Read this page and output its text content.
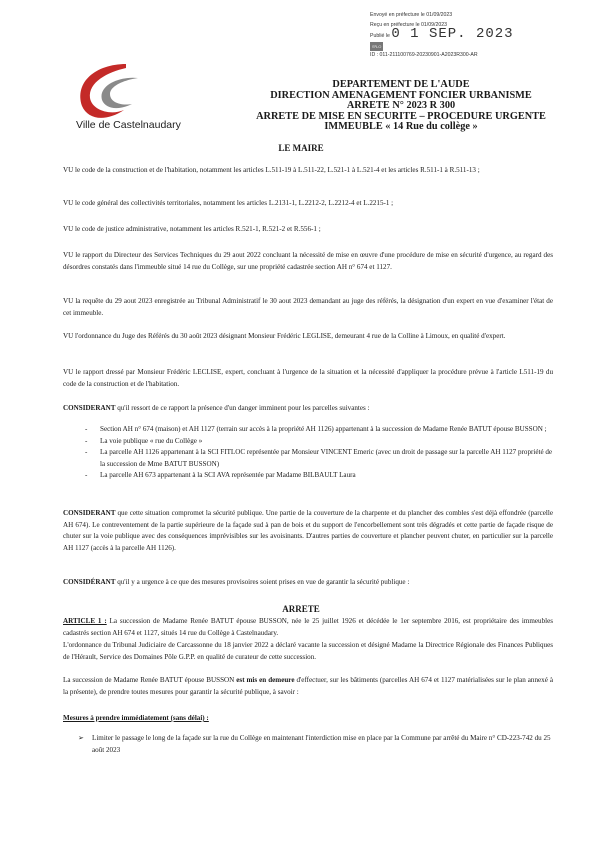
Envoyé en préfecture le 01/09/2023
Reçu en préfecture le 01/09/2023
Publié le 0 1 SEP. 2023 S²LO
ID : 011-211100769-20230901-A2023R300-AR
Ville de Castelnaudary
DEPARTEMENT DE L'AUDE
DIRECTION AMENAGEMENT FONCIER URBANISME
ARRETE N° 2023 R 300
ARRETE DE MISE EN SECURITE – PROCEDURE URGENTE
IMMEUBLE « 14 Rue du collège »
LE MAIRE
VU le code de la construction et de l'habitation, notamment les articles L.511-19 à L.511-22, L.521-1 à L.521-4 et les articles R.511-1 à R.511-13 ;
VU le code général des collectivités territoriales, notamment les articles L.2131-1, L.2212-2, L.2212-4 et L.2215-1 ;
VU le code de justice administrative, notamment les articles R.521-1, R.521-2 et R.556-1 ;
VU le rapport du Directeur des Services Techniques du 29 aout 2022 concluant la nécessité de mise en œuvre d'une procédure de mise en sécurité d'urgence, au regard des désordres constatés dans l'immeuble situé 14 rue du Collège, sur une propriété cadastrée section AH n° 674 et 1127.
VU la requête du 29 aout 2023 enregistrée au Tribunal Administratif le 30 aout 2023 demandant au juge des référés, la désignation d'un expert en vue d'examiner l'état de cet immeuble.
VU l'ordonnance du Juge des Référés du 30 août 2023 désignant Monsieur Frédéric LEGLISE, demeurant 4 rue de la Colline à Limoux, en qualité d'expert.
VU le rapport dressé par Monsieur Frédéric LECLISE, expert, concluant à l'urgence de la situation et la nécessité d'appliquer la procédure prévue à l'article L511-19 du code de la construction et de l'habitation.
CONSIDERANT qu'il ressort de ce rapport la présence d'un danger imminent pour les parcelles suivantes :
- Section AH n° 674 (maison) et AH 1127 (terrain sur accès à la propriété AH 1126) appartenant à la succession de Madame Renée BATUT épouse BUSSON ;
- La voie publique « rue du Collège »
- La parcelle AH 1126 appartenant à la SCI FITLOC représentée par Monsieur VINCENT Emeric (avec un droit de passage sur la parcelle AH 1127 propriété de la succession de Mme BATUT BUSSON)
- La parcelle AH 673 appartenant à la SCI AVA représentée par Madame BILBAULT Laura
CONSIDERANT que cette situation compromet la sécurité publique. Une partie de la couverture de la charpente et du plancher des combles s'est déjà effondrée (parcelle AH 674). Le contreventement de la partie supérieure de la façade sud à pan de bois et du support de l'encorbellement sont très dégradés et cette partie de façade risque de chuter sur la voie publique avec des conséquences imprévisibles sur les avoisinants. D'autres parties de couverture et plancher peuvent chuter, en particulier sur la parcelle AH 1127 (accès à la parcelle AH 1126).
CONSIDÉRANT qu'il y a urgence à ce que des mesures provisoires soient prises en vue de garantir la sécurité publique :
ARRETE
ARTICLE 1 : La succession de Madame Renée BATUT épouse BUSSON, née le 25 juillet 1926 et décédée le 1er septembre 2016, est propriétaire des immeubles cadastrés section AH 674 et 1127, situés 14 rue du Collège à Castelnaudary.
L'ordonnance du Tribunal Judiciaire de Carcassonne du 18 janvier 2022 a déclaré vacante la succession et désigné Madame la Directrice Régionale des Finances Publiques de l'Hérault, Service des Domaines Pôle G.P.P. en qualité de curateur de cette succession.
La succession de Madame Renée BATUT épouse BUSSON est mis en demeure d'effectuer, sur les bâtiments (parcelles AH 674 et 1127 matérialisées sur le plan annexé à la présente), de prendre toutes mesures pour garantir la sécurité publique, à savoir :
Mesures à prendre immédiatement (sans délai) :
➢ Limiter le passage le long de la façade sur la rue du Collège en maintenant l'interdiction mise en place par la Commune par arrêté du Maire n° CD-223-742 du 25 août 2023
